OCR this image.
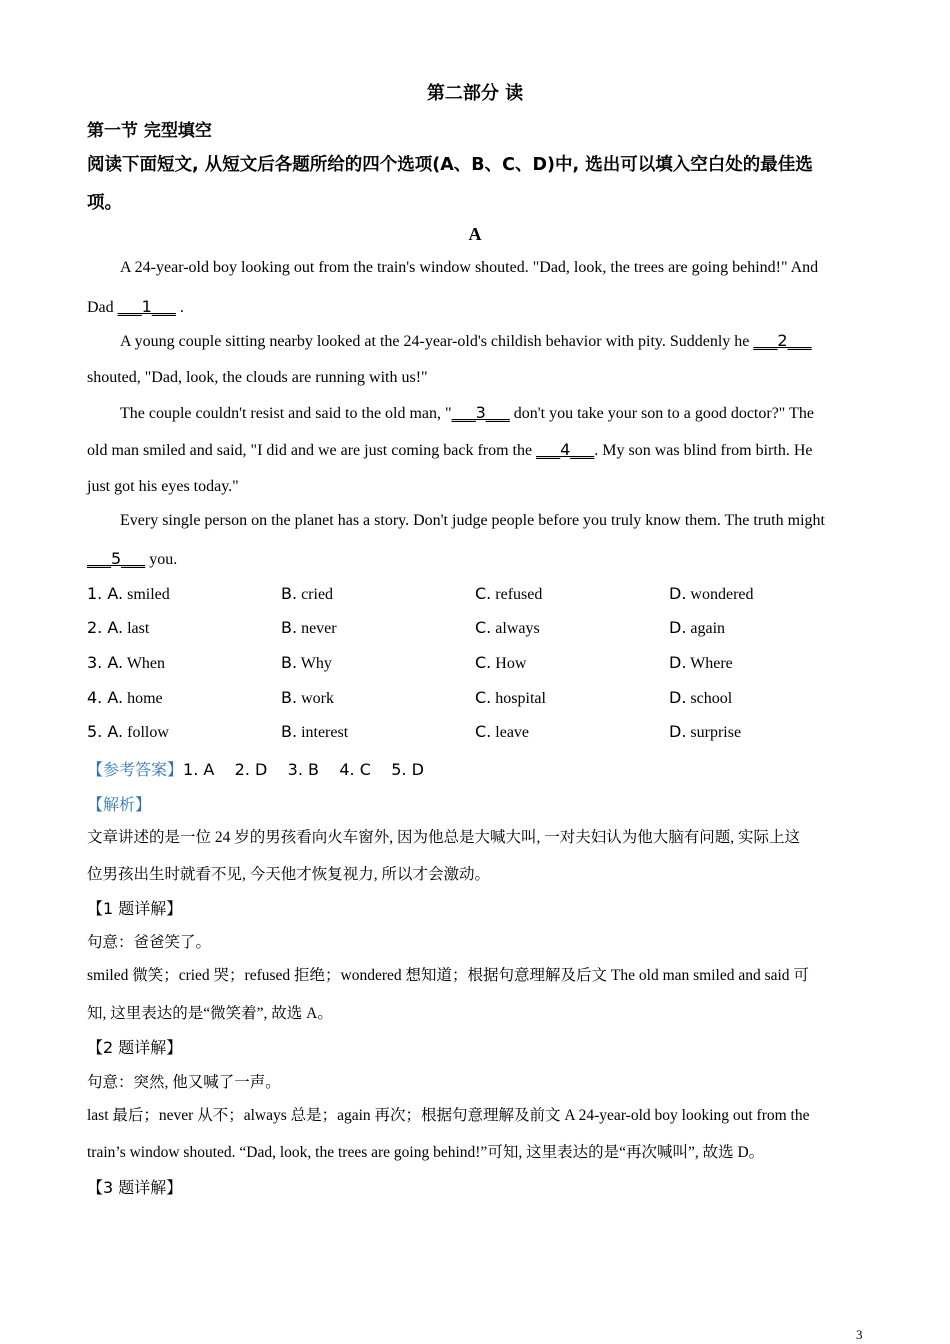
第二部分 读
第一节 完型填空
阅读下面短文, 从短文后各题所给的四个选项(A、B、C、D)中, 选出可以填入空白处的最佳选
项。
A
A 24-year-old boy looking out from the train's window shouted. "Dad, look, the trees are going behind!" And
Dad ___1___ .
A young couple sitting nearby looked at the 24-year-old's childish behavior with pity. Suddenly he ___2___
shouted, "Dad, look, the clouds are running with us!"
The couple couldn't resist and said to the old man, "___3___ don't you take your son to a good doctor?" The
old man smiled and said, "I did and we are just coming back from the ___4___. My son was blind from birth. He
just got his eyes today."
Every single person on the planet has a story. Don't judge people before you truly know them. The truth might
___5___ you.
1. A. smiled	B. cried	C. refused	D. wondered
2. A. last	B. never	C. always	D. again
3. A. When	B. Why	C. How	D. Where
4. A. home	B. work	C. hospital	D. school
5. A. follow	B. interest	C. leave	D. surprise
【参考答案】1. A    2. D    3. B    4. C    5. D
【解析】
文章讲述的是一位 24 岁的男孩看向火车窗外, 因为他总是大喊大叫, 一对夫妇认为他大脑有问题, 实际上这
位男孩出生时就看不见, 今天他才恢复视力, 所以才会激动。
【1 题详解】
句意：爸爸笑了。
smiled 微笑；cried 哭；refused 拒绝；wondered 想知道；根据句意理解及后文 The old man smiled and said 可
知, 这里表达的是“微笑着”, 故选 A。
【2 题详解】
句意：突然, 他又喊了一声。
last 最后；never 从不；always 总是；again 再次；根据句意理解及前文 A 24-year-old boy looking out from the
train’s window shouted. “Dad, look, the trees are going behind!”可知, 这里表达的是“再次喊叫”, 故选 D。
【3 题详解】
3
